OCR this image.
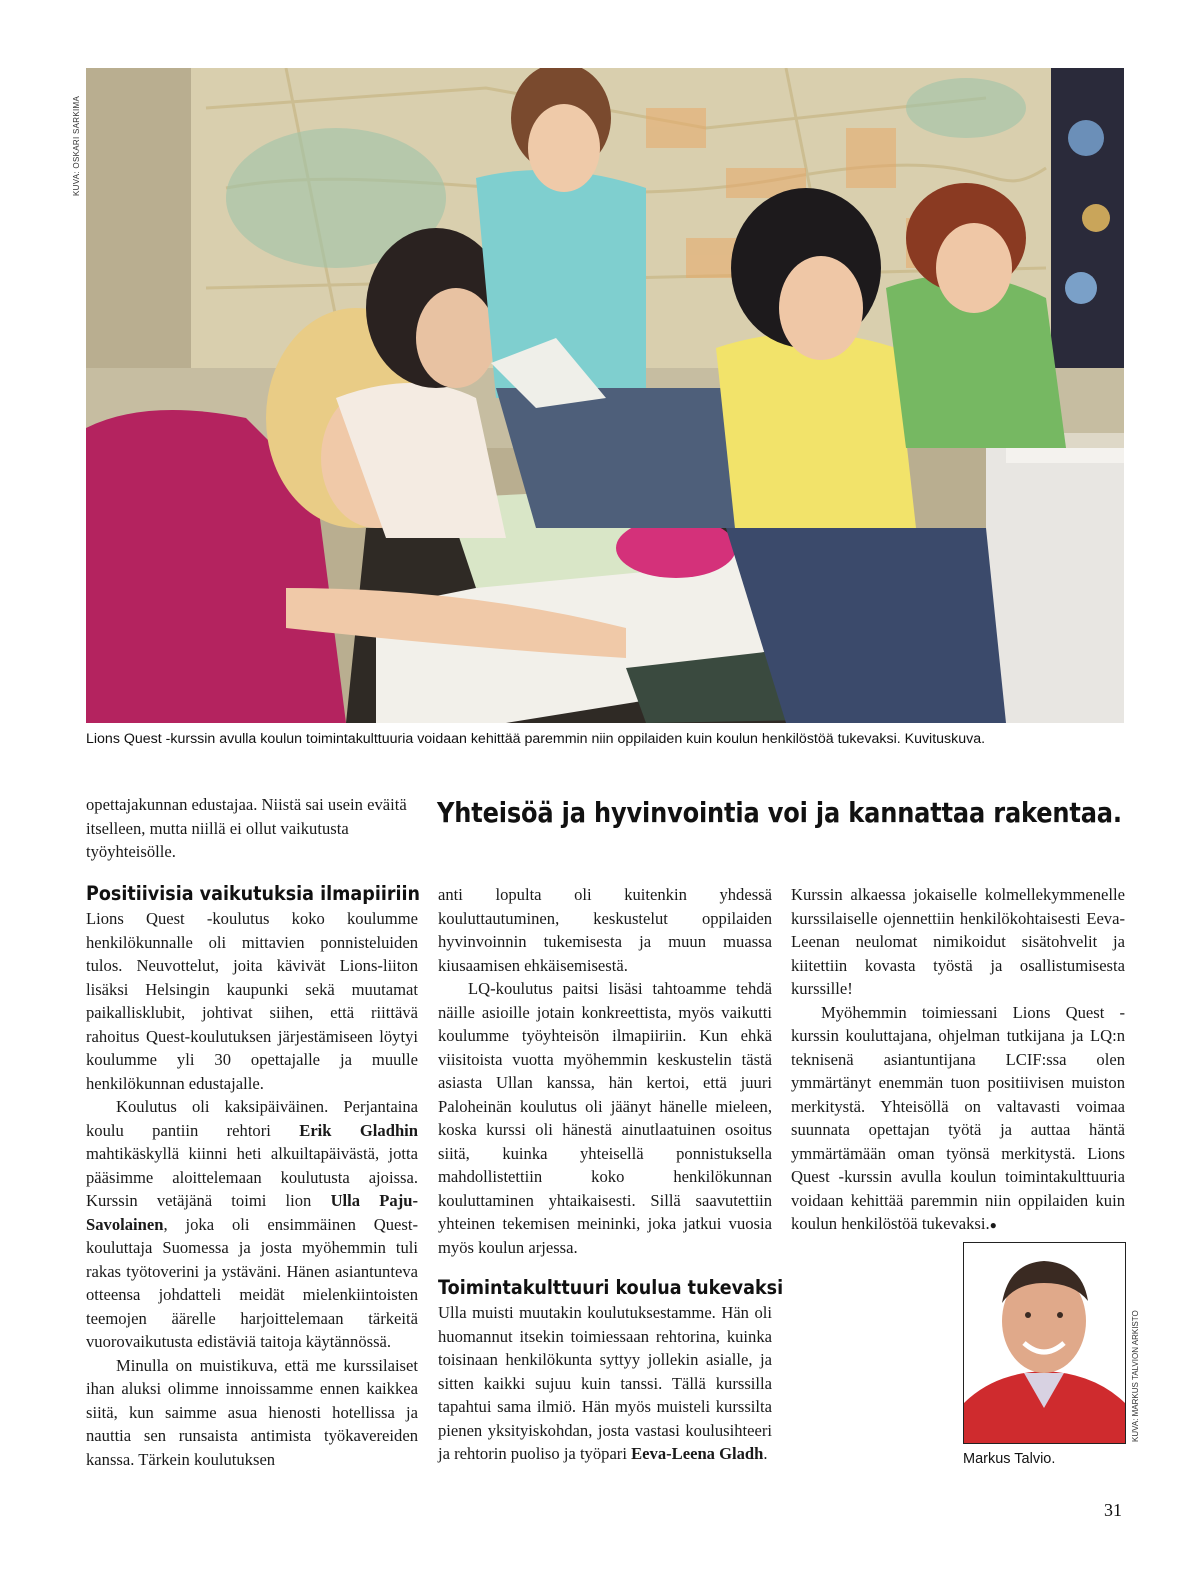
KUVA: OSKARI SARKIMA
Lions Quest -kurssin avulla koulun toimintakulttuuria voidaan kehittää paremmin niin oppilaiden kuin koulun henkilöstöä tukevaksi. Kuvituskuva.
Yhteisöä ja hyvinvointia voi ja kannattaa rakentaa.

opettajakunnan edustajaa. Niistä sai usein eväitä itselleen, mutta niillä ei ollut vaikutusta työyhteisölle.

Positiivisia vaikutuksia ilmapiiriin

Lions Quest -koulutus koko koulumme henkilökunnalle oli mittavien ponnisteluiden tulos. Neuvottelut, joita kävivät Lions-liiton lisäksi Helsingin kaupunki sekä muutamat paikallisklubit, johtivat siihen, että riittävä rahoitus Quest-koulutuksen järjestämiseen löytyi koulumme yli 30 opettajalle ja muulle henkilökunnan edustajalle.

Koulutus oli kaksipäiväinen. Perjantaina koulu pantiin rehtori Erik Gladhin mahtikäskyllä kiinni heti alkuiltapäivästä, jotta pääsimme aloittelemaan koulutusta ajoissa. Kurssin vetäjänä toimi lion Ulla Paju-Savolainen, joka oli ensimmäinen Quest-kouluttaja Suomessa ja josta myöhemmin tuli rakas työtoverini ja ystäväni. Hänen asiantunteva otteensa johdatteli meidät mielenkiintoisten teemojen äärelle harjoittelemaan tärkeitä vuorovaikutusta edistäviä taitoja käytännössä.

Minulla on muistikuva, että me kurssilaiset ihan aluksi olimme innoissamme ennen kaikkea siitä, kun saimme asua hienosti hotellissa ja nauttia sen runsaista antimista työkavereiden kanssa. Tärkein koulutuksen

anti lopulta oli kuitenkin yhdessä kouluttautuminen, keskustelut oppilaiden hyvinvoinnin tukemisesta ja muun muassa kiusaamisen ehkäisemisestä.

LQ-koulutus paitsi lisäsi tahtoamme tehdä näille asioille jotain konkreettista, myös vaikutti koulumme työyhteisön ilmapiiriin. Kun ehkä viisitoista vuotta myöhemmin keskustelin tästä asiasta Ullan kanssa, hän kertoi, että juuri Paloheinän koulutus oli jäänyt hänelle mieleen, koska kurssi oli hänestä ainutlaatuinen osoitus siitä, kuinka yhteisellä ponnistuksella mahdollistettiin koko henkilökunnan kouluttaminen yhtaikaisesti. Sillä saavutettiin yhteinen tekemisen meininki, joka jatkui vuosia myös koulun arjessa.

Toimintakulttuuri koulua tukevaksi

Ulla muisti muutakin koulutuksestamme. Hän oli huomannut itsekin toimiessaan rehtorina, kuinka toisinaan henkilökunta syttyy jollekin asialle, ja sitten kaikki sujuu kuin tanssi. Tällä kurssilla tapahtui sama ilmiö. Hän myös muisteli kurssilta pienen yksityiskohdan, josta vastasi koulusihteeri ja rehtorin puoliso ja työpari Eeva-Leena Gladh.

Kurssin alkaessa jokaiselle kolmellekymmenelle kurssilaiselle ojennettiin henkilökohtaisesti Eeva-Leenan neulomat nimikoidut sisätohvelit ja kiitettiin kovasta työstä ja osallistumisesta kurssille!

Myöhemmin toimiessani Lions Quest -kurssin kouluttajana, ohjelman tutkijana ja LQ:n teknisenä asiantuntijana LCIF:ssa olen ymmärtänyt enemmän tuon positiivisen muiston merkitystä. Yhteisöllä on valtavasti voimaa suunnata opettajan työtä ja auttaa häntä ymmärtämään oman työnsä merkitystä. Lions Quest -kurssin avulla koulun toimintakulttuuria voidaan kehittää paremmin niin oppilaiden kuin koulun henkilöstöä tukevaksi.●

KUVA: MARKUS TALVION ARKISTO
Markus Talvio.
31
